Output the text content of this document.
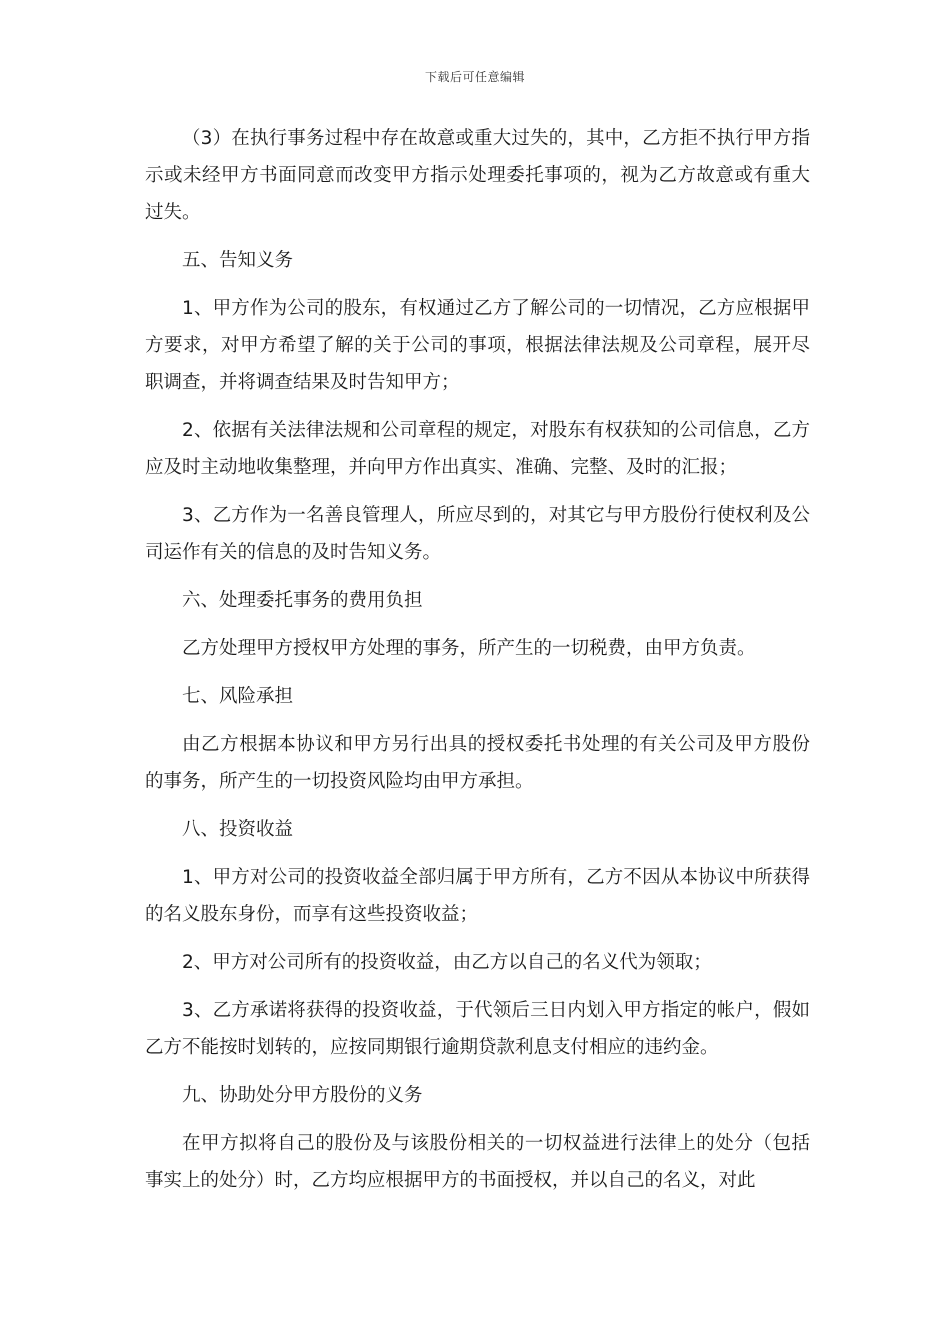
下载后可任意编辑

（3）在执行事务过程中存在故意或重大过失的，其中，乙方拒不执行甲方指示或未经甲方书面同意而改变甲方指示处理委托事项的，视为乙方故意或有重大过失。

五、告知义务

1、甲方作为公司的股东，有权通过乙方了解公司的一切情况，乙方应根据甲方要求，对甲方希望了解的关于公司的事项，根据法律法规及公司章程，展开尽职调查，并将调查结果及时告知甲方；

2、依据有关法律法规和公司章程的规定，对股东有权获知的公司信息，乙方应及时主动地收集整理，并向甲方作出真实、准确、完整、及时的汇报；

3、乙方作为一名善良管理人，所应尽到的，对其它与甲方股份行使权利及公司运作有关的信息的及时告知义务。

六、处理委托事务的费用负担

乙方处理甲方授权甲方处理的事务，所产生的一切税费，由甲方负责。

七、风险承担

由乙方根据本协议和甲方另行出具的授权委托书处理的有关公司及甲方股份的事务，所产生的一切投资风险均由甲方承担。

八、投资收益

1、甲方对公司的投资收益全部归属于甲方所有，乙方不因从本协议中所获得的名义股东身份，而享有这些投资收益；

2、甲方对公司所有的投资收益，由乙方以自己的名义代为领取；

3、乙方承诺将获得的投资收益，于代领后三日内划入甲方指定的帐户，假如乙方不能按时划转的，应按同期银行逾期贷款利息支付相应的违约金。

九、协助处分甲方股份的义务

在甲方拟将自己的股份及与该股份相关的一切权益进行法律上的处分（包括事实上的处分）时，乙方均应根据甲方的书面授权，并以自己的名义，对此
